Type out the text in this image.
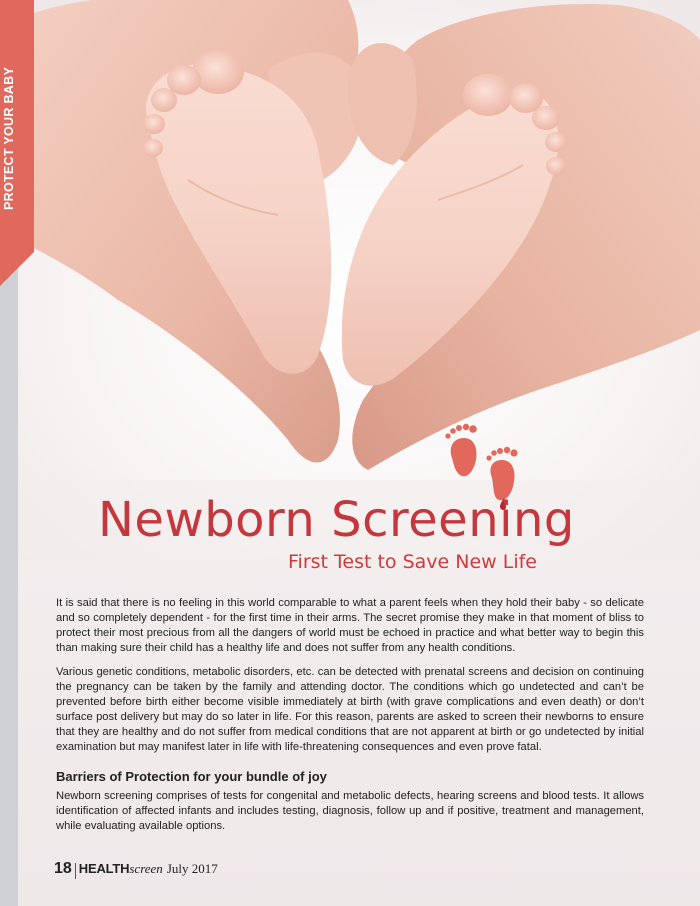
PROTECT YOUR BABY
Newborn Screening
First Test to Save New Life

It is said that there is no feeling in this world comparable to what a parent feels when they hold their baby - so delicate and so completely dependent - for the first time in their arms. The secret promise they make in that moment of bliss to protect their most precious from all the dangers of world must be echoed in practice and what better way to begin this than making sure their child has a healthy life and does not suffer from any health conditions.

Various genetic conditions, metabolic disorders, etc. can be detected with prenatal screens and decision on continuing the pregnancy can be taken by the family and attending doctor. The conditions which go undetected and can’t be prevented before birth either become visible immediately at birth (with grave complications and even death) or don’t surface post delivery but may do so later in life. For this reason, parents are asked to screen their newborns to ensure that they are healthy and do not suffer from medical conditions that are not apparent at birth or go undetected by initial examination but may manifest later in life with life-threatening consequences and even prove fatal.

Barriers of Protection for your bundle of joy

Newborn screening comprises of tests for congenital and metabolic defects, hearing screens and blood tests. It allows identification of affected infants and includes testing, diagnosis, follow up and if positive, treatment and management, while evaluating available options.

18 HEALTH screen July 2017
